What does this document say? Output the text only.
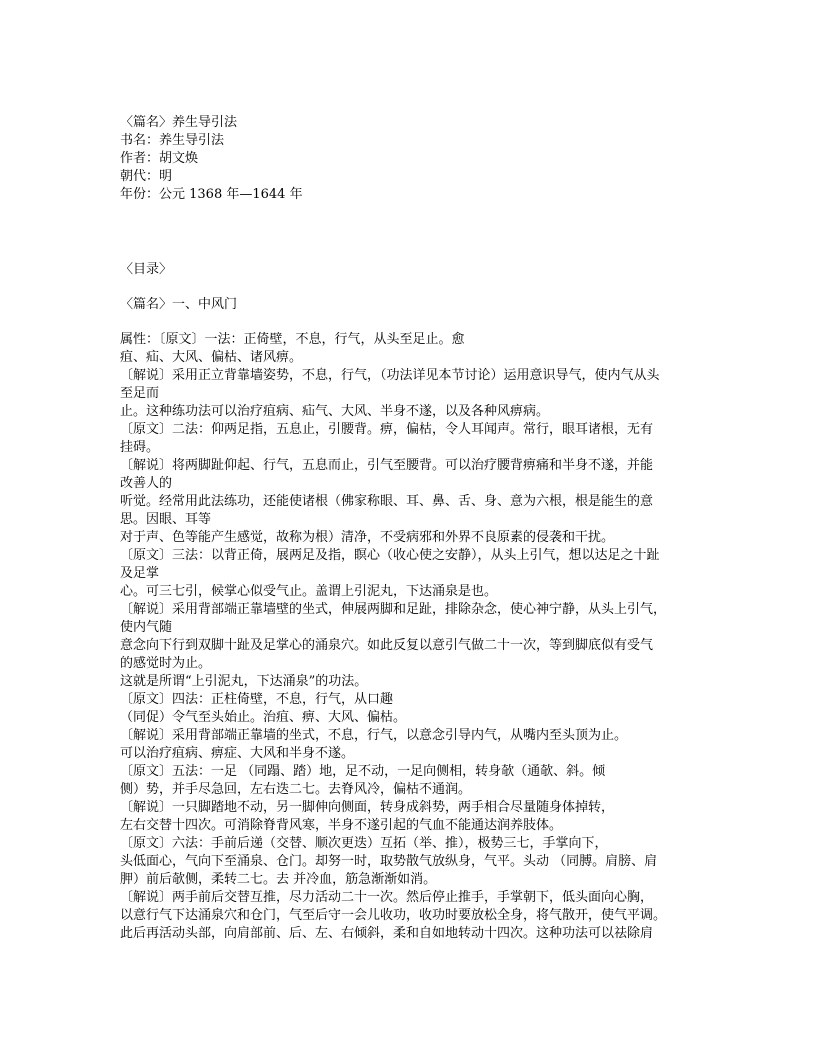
〈篇名〉养生导引法
书名：养生导引法
作者：胡文焕
朝代：明
年份：公元 1368 年—1644 年
〈目录〉
〈篇名〉一、中风门
属性：〔原文〕一法：正倚壁，不息，行气，从头至足止。愈
疽、疝、大风、偏枯、诸风痹。
〔解说〕采用正立背靠墙姿势，不息，行气，（功法详见本节讨论）运用意识导气，使内气从头
至足而
止。这种练功法可以治疗疽病、疝气、大风、半身不遂，以及各种风痹病。
〔原文〕二法：仰两足指，五息止，引腰背。痹，偏枯，令人耳闻声。常行，眼耳诸根，无有
挂碍。
〔解说〕将两脚趾仰起、行气，五息而止，引气至腰背。可以治疗腰背痹痛和半身不遂，并能
改善人的
听觉。经常用此法练功，还能使诸根（佛家称眼、耳、鼻、舌、身、意为六根，根是能生的意
思。因眼、耳等
对于声、色等能产生感觉，故称为根）清净，不受病邪和外界不良原素的侵袭和干扰。
〔原文〕三法：以背正倚，展两足及指，瞑心（收心使之安静），从头上引气，想以达足之十趾
及足掌
心。可三七引，候掌心似受气止。盖谓上引泥丸，下达涌泉是也。
〔解说〕采用背部端正靠墙壁的坐式，伸展两脚和足趾，排除杂念，使心神宁静，从头上引气，
使内气随
意念向下行到双脚十趾及足掌心的涌泉穴。如此反复以意引气做二十一次，等到脚底似有受气
的感觉时为止。
这就是所谓“上引泥丸，下达涌泉”的功法。
〔原文〕四法：正柱倚壁，不息，行气，从口趣
（同促）令气至头始止。治疽、痹、大风、偏枯。
〔解说〕采用背部端正靠墙的坐式，不息，行气，以意念引导内气，从嘴内至头顶为止。
可以治疗疽病、痹症、大风和半身不遂。
〔原文〕五法：一足 （同蹋、踏）地，足不动，一足向侧相，转身欹（通欹、斜。倾
侧）势，并手尽急回，左右迭二七。去脊风冷，偏枯不通润。
〔解说〕一只脚踏地不动，另一脚伸向侧面，转身成斜势，两手相合尽量随身体掉转，
左右交替十四次。可消除脊背风寒，半身不遂引起的气血不能通达润养肢体。
〔原文〕六法：手前后递（交替、顺次更迭）互拓（举、推），极势三七，手掌向下，
头低面心，气向下至涌泉、仓门。却努一时，取势散气放纵身，气平。头动 （同膊。肩膀、肩
胛）前后欹侧，柔转二七。去 并冷血，筋急渐渐如消。
〔解说〕两手前后交替互推，尽力活动二十一次。然后停止推手，手掌朝下，低头面向心胸，
以意行气下达涌泉穴和仓门，气至后守一会儿收功，收功时要放松全身，将气散开，使气平调。
此后再活动头部，向肩部前、后、左、右倾斜，柔和自如地转动十四次。这种功法可以祛除肩
